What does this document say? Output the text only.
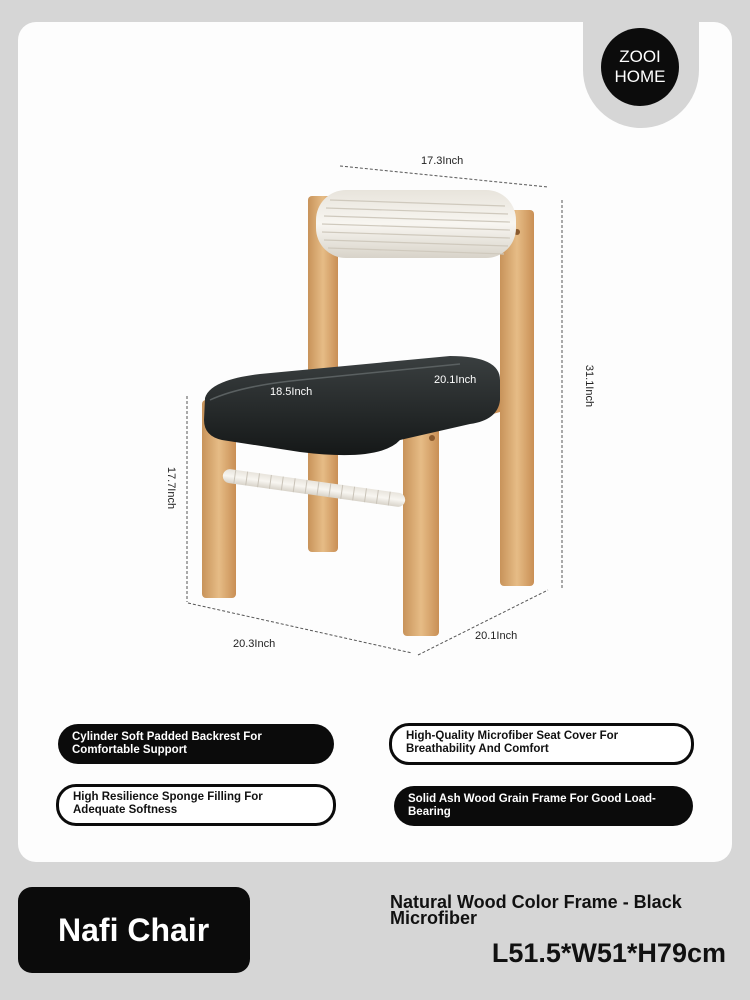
ZOOI
HOME
17.3Inch
31.1Inch
18.5Inch
20.1Inch
17.7Inch
20.3Inch
20.1Inch
Cylinder Soft Padded Backrest For Comfortable Support
High-Quality Microfiber Seat Cover For Breathability And Comfort
High Resilience Sponge Filling For Adequate Softness
Solid Ash Wood Grain Frame For Good Load-Bearing
Nafi Chair
Natural Wood Color Frame - Black Microfiber
L51.5*W51*H79cm
